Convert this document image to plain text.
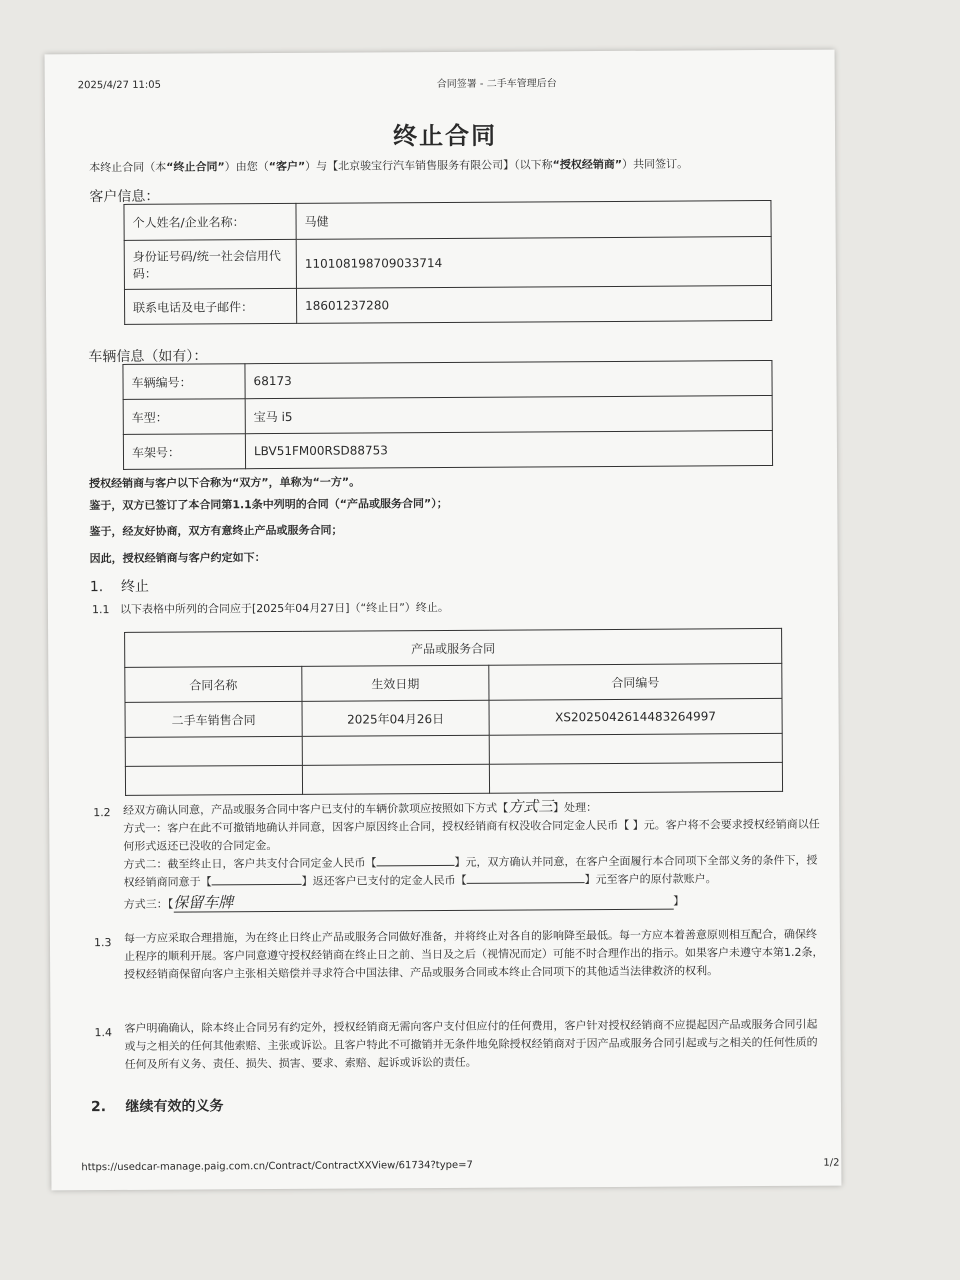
2025/4/27 11:05	合同签署 - 二手车管理后台
终止合同
本终止合同（本“终止合同”）由您（“客户”）与【北京骏宝行汽车销售服务有限公司】（以下称“授权经销商”）共同签订。
客户信息：
个人姓名/企业名称：	马健
身份证号码/统一社会信用代码：	110108198709033714
联系电话及电子邮件：	18601237280
车辆信息（如有）：
车辆编号：	68173
车型：	宝马 i5
车架号：	LBV51FM00RSD88753
授权经销商与客户以下合称为“双方”，单称为“一方”。
鉴于，双方已签订了本合同第1.1条中列明的合同（“产品或服务合同”）；
鉴于，经友好协商，双方有意终止产品或服务合同；
因此，授权经销商与客户约定如下：
1. 终止
1.1 以下表格中所列的合同应于[2025年04月27日]（“终止日”）终止。
产品或服务合同		
合同名称	生效日期	合同编号
二手车销售合同	2025年04月26日	XS2025042614483264997

1.2 经双方确认同意，产品或服务合同中客户已支付的车辆价款项应按照如下方式【方式三】处理：
方式一：客户在此不可撤销地确认并同意，因客户原因终止合同，授权经销商有权没收合同定金人民币【 】元。客户将不会要求授权经销商以任何形式返还已没收的合同定金。
方式二：截至终止日，客户共支付合同定金人民币【	】元，双方确认并同意，在客户全面履行本合同项下全部义务的条件下，授权经销商同意于【	】返还客户已支付的定金人民币【	】元至客户的原付款账户。
方式三：【保留车牌	】
1.3 每一方应采取合理措施，为在终止日终止产品或服务合同做好准备，并将终止对各自的影响降至最低。每一方应本着善意原则相互配合，确保终止程序的顺利开展。客户同意遵守授权经销商在终止日之前、当日及之后（视情况而定）可能不时合理作出的指示。如果客户未遵守本第1.2条，授权经销商保留向客户主张相关赔偿并寻求符合中国法律、产品或服务合同或本终止合同项下的其他适当法律救济的权利。
1.4 客户明确确认，除本终止合同另有约定外，授权经销商无需向客户支付但应付的任何费用，客户针对授权经销商不应提起因产品或服务合同引起或与之相关的任何其他索赔、主张或诉讼。且客户特此不可撤销并无条件地免除授权经销商对于因产品或服务合同引起或与之相关的任何性质的任何及所有义务、责任、损失、损害、要求、索赔、起诉或诉讼的责任。
2. 继续有效的义务
https://usedcar-manage.paig.com.cn/Contract/ContractXXView/61734?type=7	1/2
